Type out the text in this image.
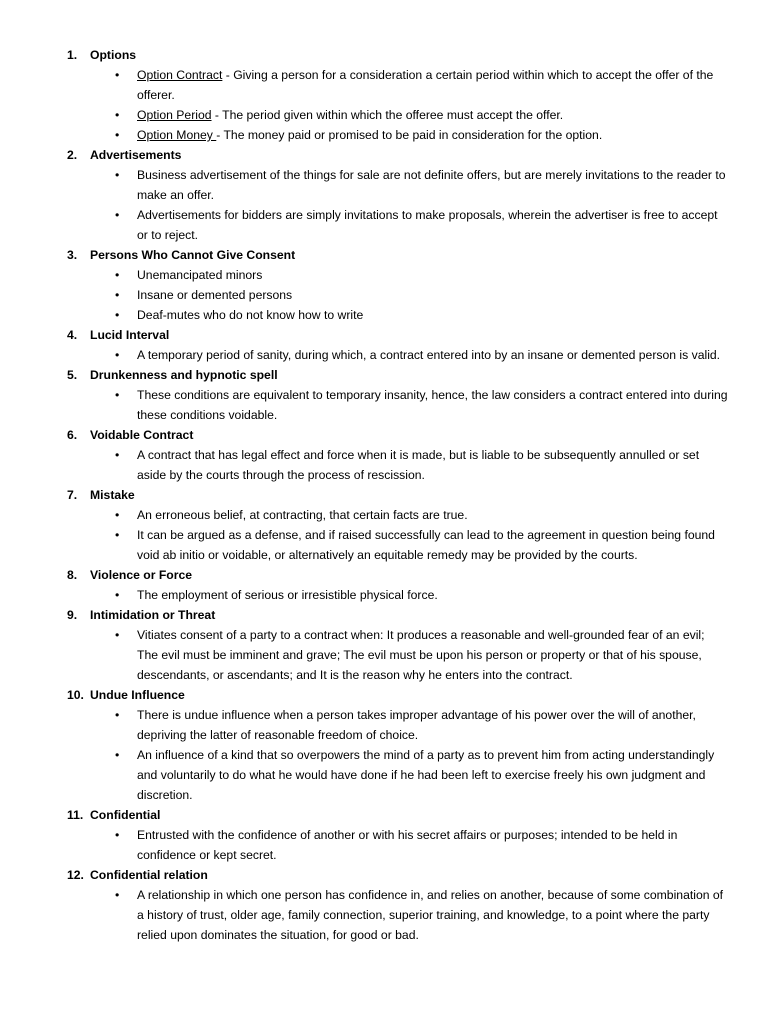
1. Options
• Option Contract - Giving a person for a consideration a certain period within which to accept the offer of the offerer.
• Option Period - The period given within which the offeree must accept the offer.
• Option Money - The money paid or promised to be paid in consideration for the option.
2. Advertisements
• Business advertisement of the things for sale are not definite offers, but are merely invitations to the reader to make an offer.
• Advertisements for bidders are simply invitations to make proposals, wherein the advertiser is free to accept or to reject.
3. Persons Who Cannot Give Consent
• Unemancipated minors
• Insane or demented persons
• Deaf-mutes who do not know how to write
4. Lucid Interval
• A temporary period of sanity, during which, a contract entered into by an insane or demented person is valid.
5. Drunkenness and hypnotic spell
• These conditions are equivalent to temporary insanity, hence, the law considers a contract entered into during these conditions voidable.
6. Voidable Contract
• A contract that has legal effect and force when it is made, but is liable to be subsequently annulled or set aside by the courts through the process of rescission.
7. Mistake
• An erroneous belief, at contracting, that certain facts are true.
• It can be argued as a defense, and if raised successfully can lead to the agreement in question being found void ab initio or voidable, or alternatively an equitable remedy may be provided by the courts.
8. Violence or Force
• The employment of serious or irresistible physical force.
9. Intimidation or Threat
• Vitiates consent of a party to a contract when: It produces a reasonable and well-grounded fear of an evil; The evil must be imminent and grave; The evil must be upon his person or property or that of his spouse, descendants, or ascendants; and It is the reason why he enters into the contract.
10. Undue Influence
• There is undue influence when a person takes improper advantage of his power over the will of another, depriving the latter of reasonable freedom of choice.
• An influence of a kind that so overpowers the mind of a party as to prevent him from acting understandingly and voluntarily to do what he would have done if he had been left to exercise freely his own judgment and discretion.
11. Confidential
• Entrusted with the confidence of another or with his secret affairs or purposes; intended to be held in confidence or kept secret.
12. Confidential relation
• A relationship in which one person has confidence in, and relies on another, because of some combination of a history of trust, older age, family connection, superior training, and knowledge, to a point where the party relied upon dominates the situation, for good or bad.
